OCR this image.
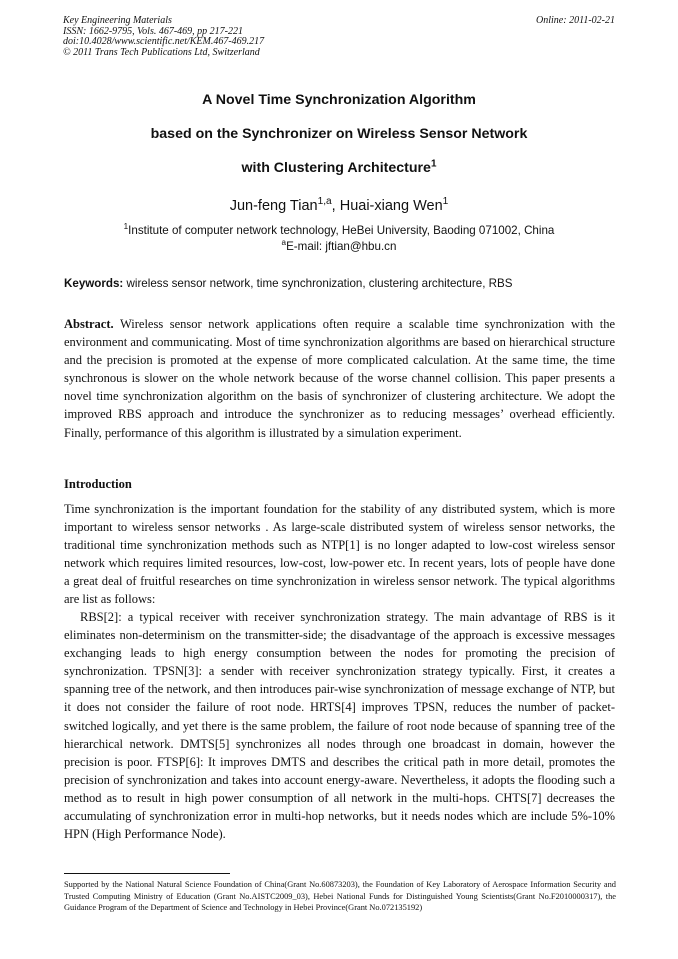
Key Engineering Materials
ISSN: 1662-9795, Vols. 467-469, pp 217-221
doi:10.4028/www.scientific.net/KEM.467-469.217
© 2011 Trans Tech Publications Ltd, Switzerland
Online: 2011-02-21
A Novel Time Synchronization Algorithm
based on the Synchronizer on Wireless Sensor Network
with Clustering Architecture$^1$
Jun-feng Tian$^{1,a}$, Huai-xiang Wen$^1$
$^1$Institute of computer network technology, HeBei University, Baoding 071002, China
$^a$E-mail: jftian@hbu.cn
Keywords: wireless sensor network, time synchronization, clustering architecture, RBS

Abstract. Wireless sensor network applications often require a scalable time synchronization with the environment and communicating. Most of time synchronization algorithms are based on hierarchical structure and the precision is promoted at the expense of more complicated calculation. At the same time, the time synchronous is slower on the whole network because of the worse channel collision. This paper presents a novel time synchronization algorithm on the basis of synchronizer of clustering architecture. We adopt the improved RBS approach and introduce the synchronizer as to reducing messages’ overhead efficiently. Finally, performance of this algorithm is illustrated by a simulation experiment.

Introduction

Time synchronization is the important foundation for the stability of any distributed system, which is more important to wireless sensor networks . As large-scale distributed system of wireless sensor networks, the traditional time synchronization methods such as NTP[1] is no longer adapted to low-cost wireless sensor network which requires limited resources, low-cost, low-power etc. In recent years, lots of people have done a great deal of fruitful researches on time synchronization in wireless sensor network. The typical algorithms are list as follows:

RBS[2]: a typical receiver with receiver synchronization strategy. The main advantage of RBS is it eliminates non-determinism on the transmitter-side; the disadvantage of the approach is excessive messages exchanging leads to high energy consumption between the nodes for promoting the precision of synchronization. TPSN[3]: a sender with receiver synchronization strategy typically. First, it creates a spanning tree of the network, and then introduces pair-wise synchronization of message exchange of NTP, but it does not consider the failure of root node. HRTS[4] improves TPSN, reduces the number of packet-switched logically, and yet there is the same problem, the failure of root node because of spanning tree of the hierarchical network. DMTS[5] synchronizes all nodes through one broadcast in domain, however the precision is poor. FTSP[6]: It improves DMTS and describes the critical path in more detail, promotes the precision of synchronization and takes into account energy-aware. Nevertheless, it adopts the flooding such a method as to result in high power consumption of all network in the multi-hops. CHTS[7] decreases the accumulating of synchronization error in multi-hop networks, but it needs nodes which are include 5%-10% HPN (High Performance Node).

Supported by the National Natural Science Foundation of China(Grant No.60873203), the Foundation of Key Laboratory of Aerospace Information Security and Trusted Computing Ministry of Education (Grant No.AISTC2009_03), Hebei National Funds for Distinguished Young Scientists(Grant No.F2010000317), the Guidance Program of the Department of Science and Technology in Hebei Province(Grant No.072135192)
